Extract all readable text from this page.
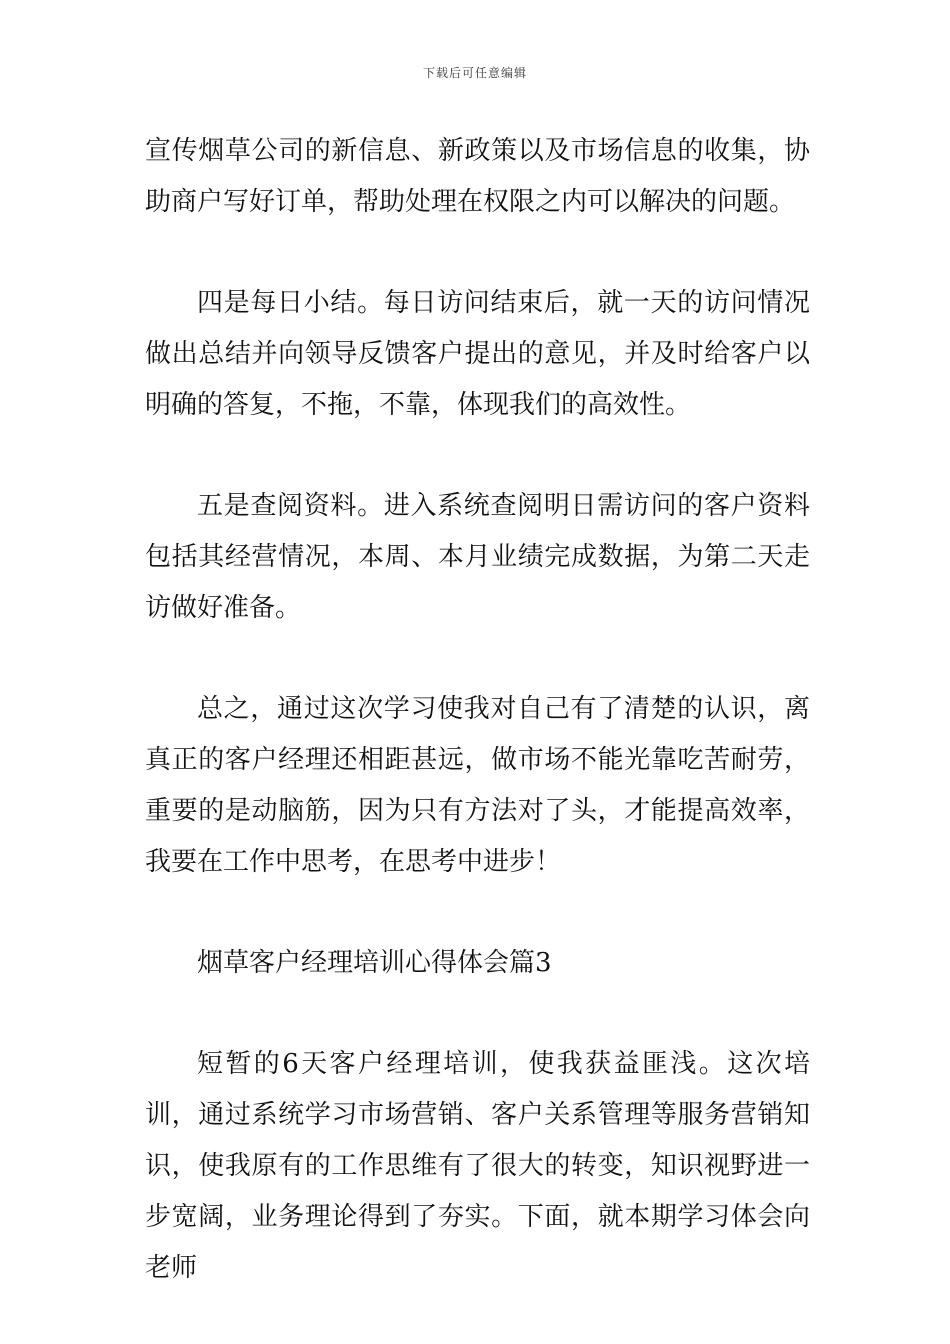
下载后可任意编辑

宣传烟草公司的新信息、新政策以及市场信息的收集，协助商户写好订单，帮助处理在权限之内可以解决的问题。

四是每日小结。每日访问结束后，就一天的访问情况做出总结并向领导反馈客户提出的意见，并及时给客户以明确的答复，不拖，不靠，体现我们的高效性。

五是查阅资料。进入系统查阅明日需访问的客户资料包括其经营情况，本周、本月业绩完成数据，为第二天走访做好准备。

总之，通过这次学习使我对自己有了清楚的认识，离真正的客户经理还相距甚远，做市场不能光靠吃苦耐劳，重要的是动脑筋，因为只有方法对了头，才能提高效率，我要在工作中思考，在思考中进步！

烟草客户经理培训心得体会篇3

短暂的6天客户经理培训，使我获益匪浅。这次培训，通过系统学习市场营销、客户关系管理等服务营销知识，使我原有的工作思维有了很大的转变，知识视野进一步宽阔，业务理论得到了夯实。下面，就本期学习体会向老师
